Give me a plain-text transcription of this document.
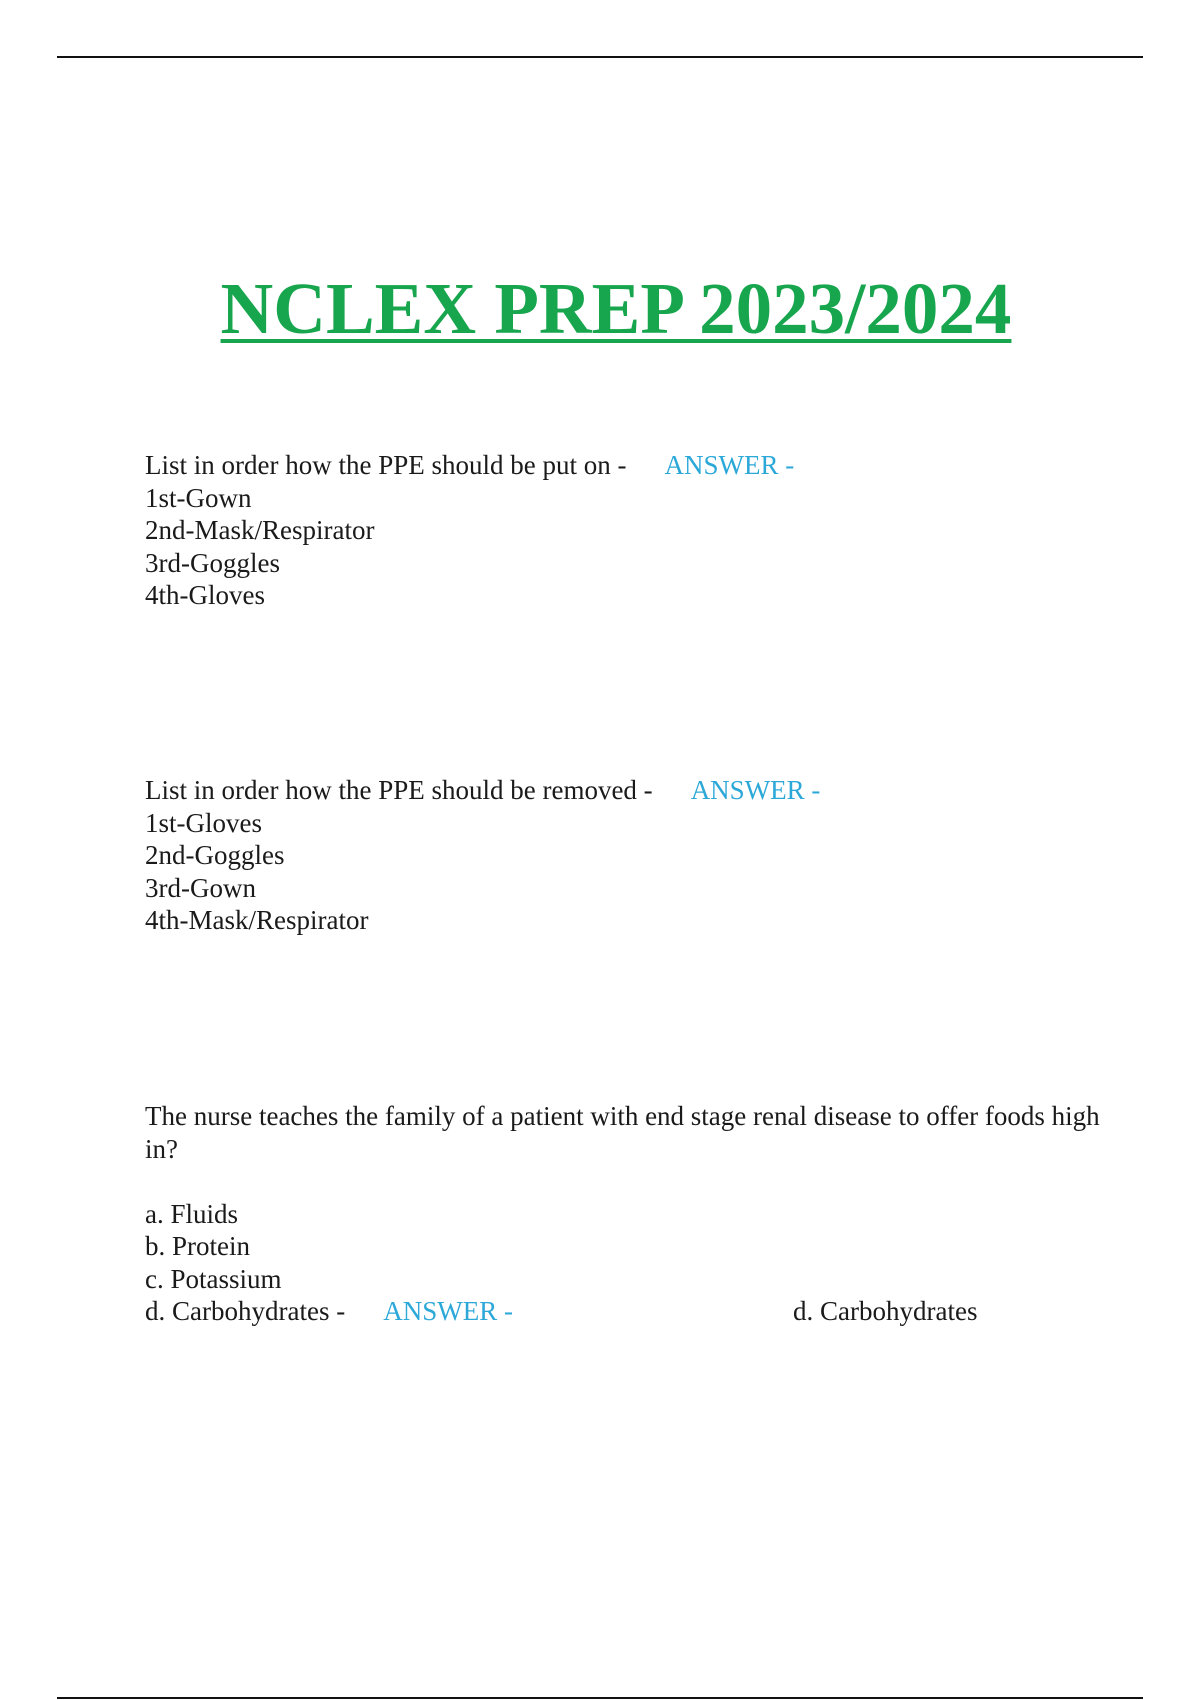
NCLEX PREP 2023/2024
List in order how the PPE should be put on - ANSWER -
1st-Gown
2nd-Mask/Respirator
3rd-Goggles
4th-Gloves
List in order how the PPE should be removed - ANSWER -
1st-Gloves
2nd-Goggles
3rd-Gown
4th-Mask/Respirator
The nurse teaches the family of a patient with end stage renal disease to offer foods high in?
a. Fluids
b. Protein
c. Potassium
d. Carbohydrates - ANSWER -	d. Carbohydrates
